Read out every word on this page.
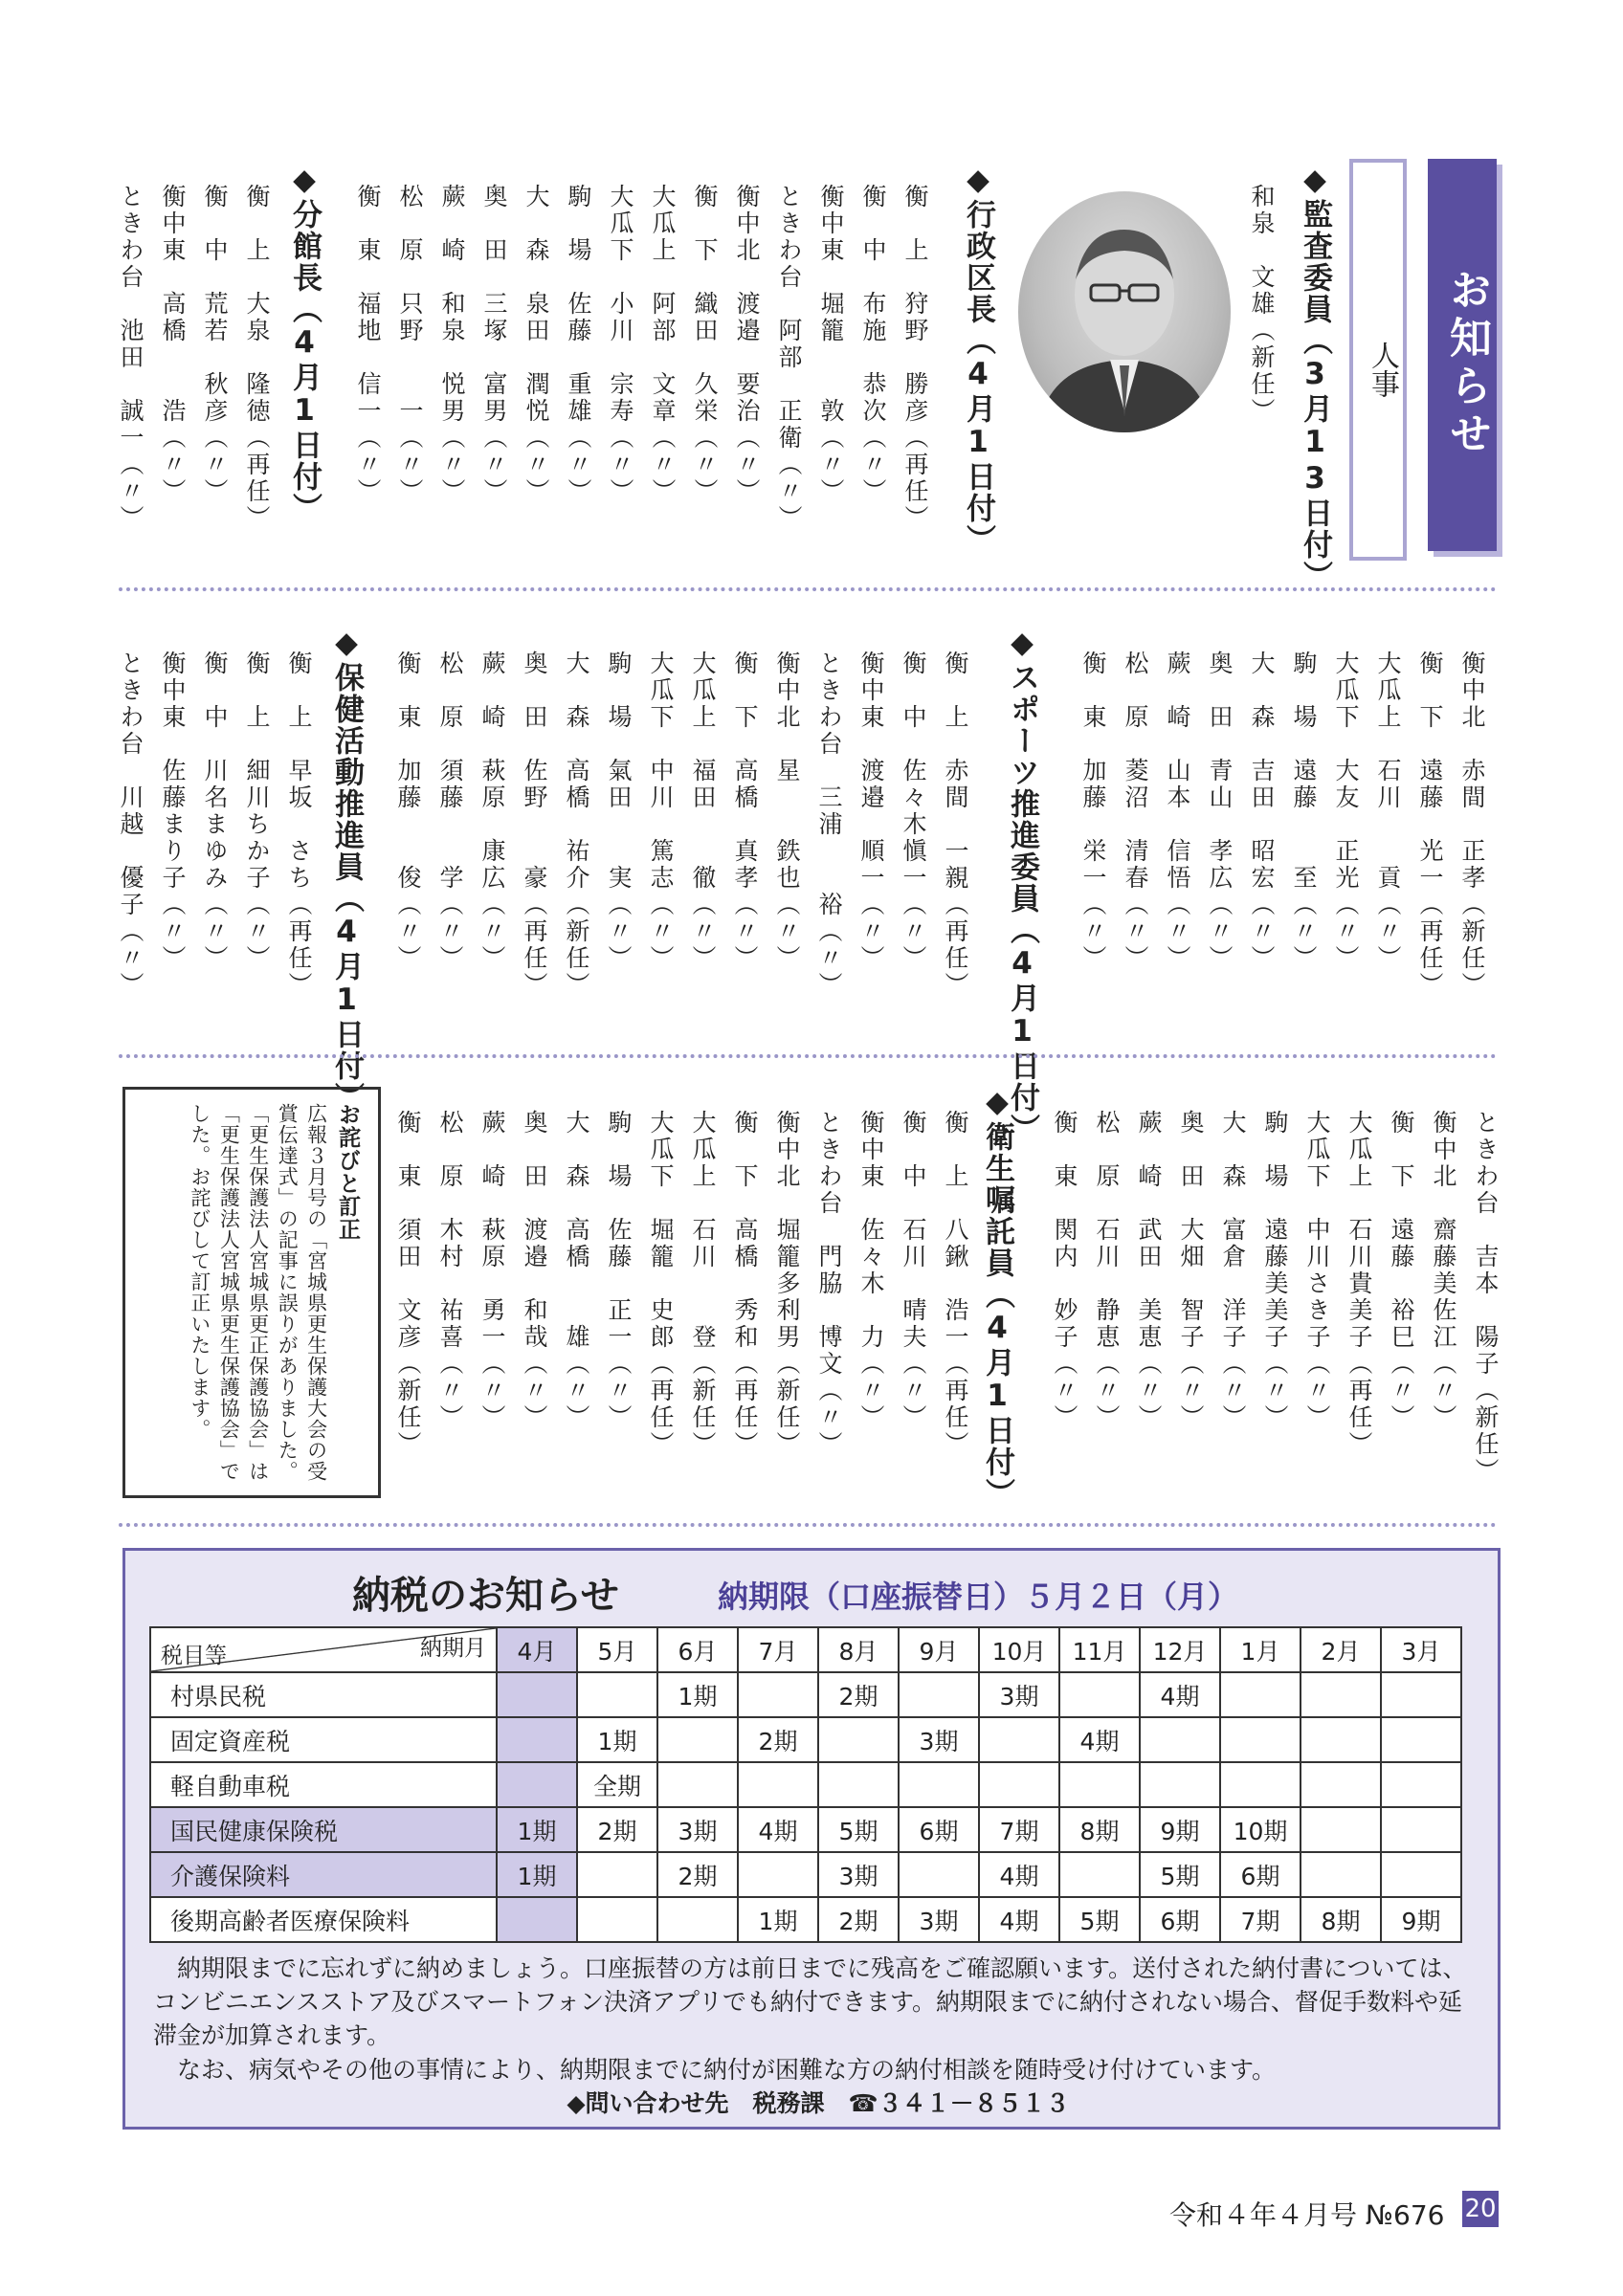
お知らせ
人事
◆監査委員（3月13日付）
和泉　文雄（新任）
◆行政区長（4月1日付）
衡　上　狩野　勝彦（再任）
衡　中　布施　恭次（〃）
衡中東　堀籠　　敦（〃）
ときわ台　阿部　正衛（〃）
衡中北　渡邉　要治（〃）
衡　下　織田　久栄（〃）
大瓜上　阿部　文章（〃）
大瓜下　小川　宗寿（〃）
駒　場　佐藤　重雄（〃）
大　森　泉田　潤悦（〃）
奥　田　三塚　富男（〃）
蕨　崎　和泉　悦男（〃）
松　原　只野　　一（〃）
衡　東　福地　信一（〃）
◆分館長（4月1日付）
衡　上　大泉　隆徳（再任）
衡　中　荒若　秋彦（〃）
衡中東　高橋　　浩（〃）
ときわ台　池田　誠一（〃）
衡中北　赤間　正孝（新任）
衡　下　遠藤　光一（再任）
大瓜上　石川　　貢（〃）
大瓜下　大友　正光（〃）
駒　場　遠藤　　至（〃）
大　森　吉田　昭宏（〃）
奥　田　青山　孝広（〃）
蕨　崎　山本　信悟（〃）
松　原　菱沼　清春（〃）
衡　東　加藤　栄一（〃）
◆スポーツ推進委員（4月1日付）
衡　上　赤間　一親（再任）
衡　中　佐々木愼一（〃）
衡中東　渡邉　順一（〃）
ときわ台　三浦　　裕（〃）
衡中北　星　　鉄也（〃）
衡　下　高橋　真孝（〃）
大瓜上　福田　　徹（〃）
大瓜下　中川　篤志（〃）
駒　場　氣田　　実（〃）
大　森　高橋　祐介（新任）
奥　田　佐野　　豪（再任）
蕨　崎　萩原　康広（〃）
松　原　須藤　　学（〃）
衡　東　加藤　　俊（〃）
◆保健活動推進員（4月1日付）
衡　上　早坂　さち（再任）
衡　上　細川ちか子（〃）
衡　中　川名まゆみ（〃）
衡中東　佐藤まり子（〃）
ときわ台　川越　優子（〃）
ときわ台　吉本　陽子（新任）
衡中北　齋藤美佐江（〃）
衡　下　遠藤　裕巳（〃）
大瓜上　石川貴美子（再任）
大瓜下　中川さき子（〃）
駒　場　遠藤美美子（〃）
大　森　富倉　洋子（〃）
奥　田　大畑　智子（〃）
蕨　崎　武田　美恵（〃）
松　原　石川　静恵（〃）
衡　東　関内　妙子（〃）
◆衛生嘱託員（4月1日付）
衡　上　八鍬　浩一（再任）
衡　中　石川　晴夫（〃）
衡中東　佐々木　力（〃）
ときわ台　門脇　博文（〃）
衡中北　堀籠多利男（新任）
衡　下　高橋　秀和（再任）
大瓜上　石川　　登（新任）
大瓜下　堀籠　史郎（再任）
駒　場　佐藤　正一（〃）
大　森　高橋　　雄（〃）
奥　田　渡邉　和哉（〃）
蕨　崎　萩原　勇一（〃）
松　原　木村　祐喜（〃）
衡　東　須田　文彦（新任）
お詫びと訂正
広報３月号の「宮城県更生保護大会の受賞伝達式」の記事に誤りがありました。「更生保護法人宮城県更正保護協会」は「更生保護法人宮城県更生保護協会」でした。お詫びして訂正いたします。
納税のお知らせ	納期限（口座振替日）５月２日（月）
納期月
税目等	4月	5月	6月	7月	8月	9月	10月	11月	12月	1月	2月	3月
村県民税			1期		2期		3期		4期			
固定資産税		1期		2期		3期		4期				
軽自動車税		全期										
国民健康保険税	1期	2期	3期	4期	5期	6期	7期	8期	9期	10期		
介護保険料	1期		2期		3期		4期		5期	6期		
後期高齢者医療保険料				1期	2期	3期	4期	5期	6期	7期	8期	9期
　納期限までに忘れずに納めましょう。口座振替の方は前日までに残高をご確認願います。送付された納付書については、コンビニエンスストア及びスマートフォン決済アプリでも納付できます。納期限までに納付されない場合、督促手数料や延滞金が加算されます。
　なお、病気やその他の事情により、納期限までに納付が困難な方の納付相談を随時受け付けています。
◆問い合わせ先　税務課　☎３４１－８５１３
令和４年４月号 №676 20
